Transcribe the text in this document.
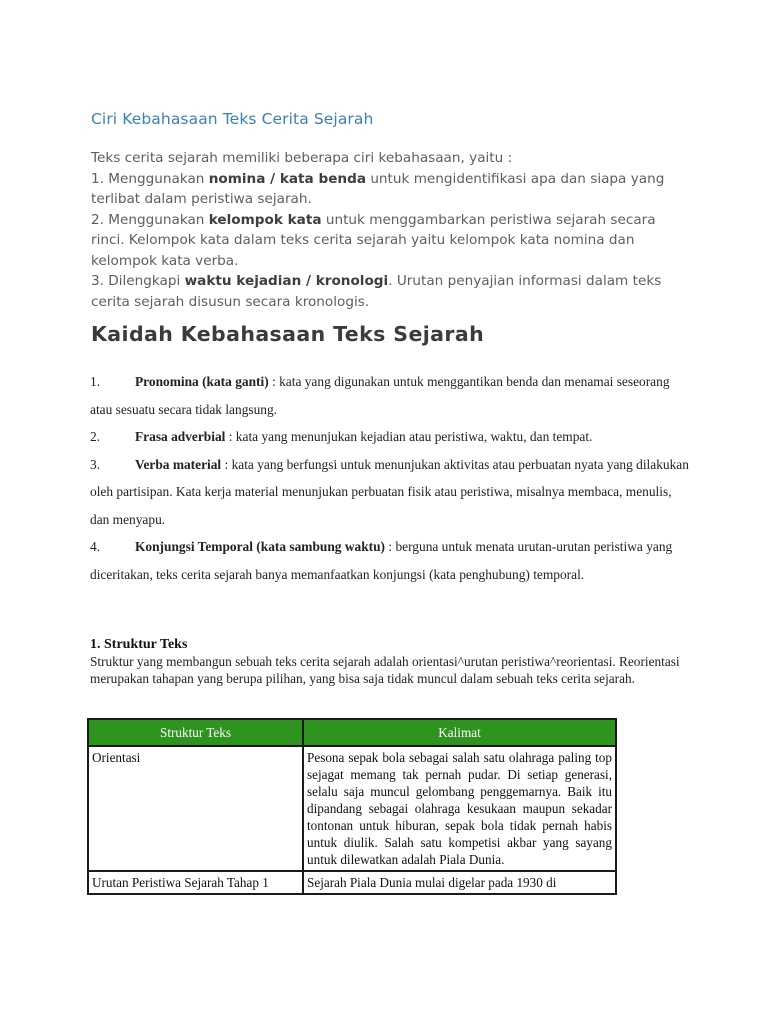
Ciri Kebahasaan Teks Cerita Sejarah

Teks cerita sejarah memiliki beberapa ciri kebahasaan, yaitu :

1. Menggunakan nomina / kata benda untuk mengidentifikasi apa dan siapa yang terlibat dalam peristiwa sejarah.

2. Menggunakan kelompok kata untuk menggambarkan peristiwa sejarah secara rinci. Kelompok kata dalam teks cerita sejarah yaitu kelompok kata nomina dan kelompok kata verba.

3. Dilengkapi waktu kejadian / kronologi. Urutan penyajian informasi dalam teks cerita sejarah disusun secara kronologis.

Kaidah Kebahasaan Teks Sejarah

1.	Pronomina (kata ganti) : kata yang digunakan untuk menggantikan benda dan menamai seseorang atau sesuatu secara tidak langsung.

2.	Frasa adverbial : kata yang menunjukan kejadian atau peristiwa, waktu, dan tempat.

3.	Verba material : kata yang berfungsi untuk menunjukan aktivitas atau perbuatan nyata yang dilakukan oleh partisipan. Kata kerja material menunjukan perbuatan fisik atau peristiwa, misalnya membaca, menulis, dan menyapu.

4.	Konjungsi Temporal (kata sambung waktu) : berguna untuk menata urutan-urutan peristiwa yang diceritakan, teks cerita sejarah banya memanfaatkan konjungsi (kata penghubung) temporal.

1. Struktur Teks

Struktur yang membangun sebuah teks cerita sejarah adalah orientasi^urutan peristiwa^reorientasi. Reorientasi merupakan tahapan yang berupa pilihan, yang bisa saja tidak muncul dalam sebuah teks cerita sejarah.

Struktur Teks	Kalimat
Orientasi	Pesona sepak bola sebagai salah satu olahraga paling top sejagat memang tak pernah pudar. Di setiap generasi, selalu saja muncul gelombang penggemarnya. Baik itu dipandang sebagai olahraga kesukaan maupun sekadar tontonan untuk hiburan, sepak bola tidak pernah habis untuk diulik. Salah satu kompetisi akbar yang sayang untuk dilewatkan adalah Piala Dunia.
Urutan Peristiwa Sejarah Tahap 1	Sejarah Piala Dunia mulai digelar pada 1930 di
